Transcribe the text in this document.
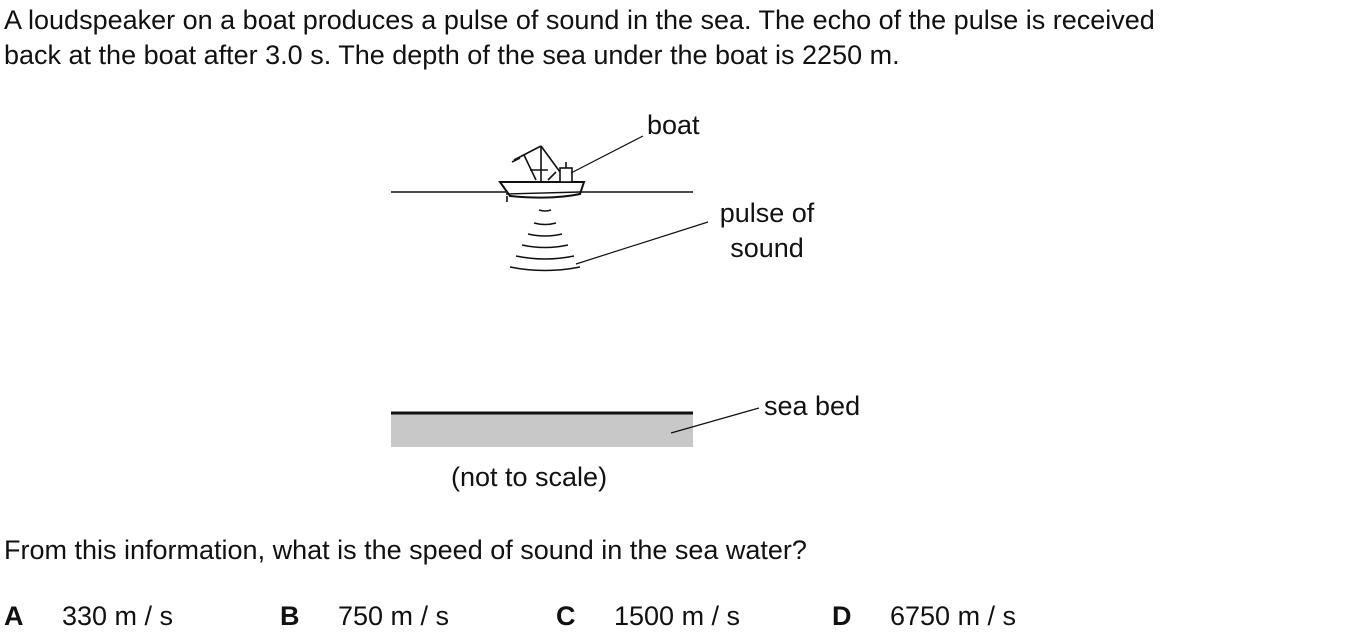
A loudspeaker on a boat produces a pulse of sound in the sea. The echo of the pulse is received

back at the boat after 3.0 s. The depth of the sea under the boat is 2250 m.

boat
pulse of
sound
sea bed
(not to scale)
From this information, what is the speed of sound in the sea water?
A 330 m / s	B 750 m / s	C 1500 m / s	D 6750 m / s
